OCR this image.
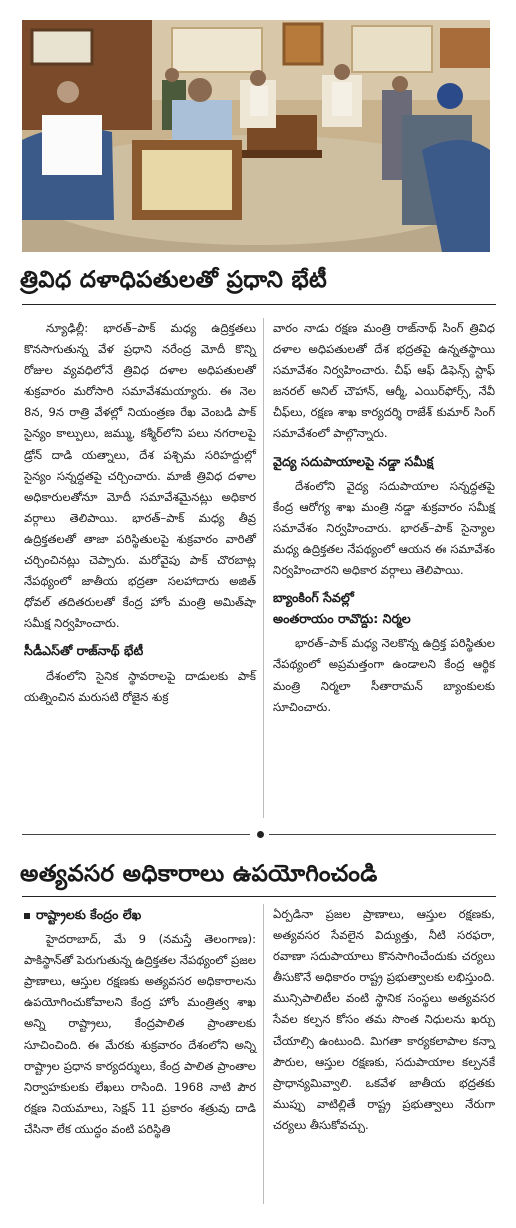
త్రివిధ దళాధిపతులతో ప్రధాని భేటీ

న్యూఢిల్లీ: భారత్–పాక్ మధ్య ఉద్రిక్తతలు కొనసాగుతున్న వేళ ప్రధాని నరేంద్ర మోదీ కొన్ని రోజుల వ్యవధిలోనే త్రివిధ దళాల అధిపతులతో శుక్రవారం మరోసారి సమావేశమయ్యారు. ఈ నెల 8న, 9న రాత్రి వేళల్లో నియంత్రణ రేఖ వెంబడి పాక్ సైన్యం కాల్పులు, జమ్ము, కశ్మీర్‌లోని పలు నగరాలపై డ్రోన్ దాడి యత్నాలు, దేశ పశ్చిమ సరిహద్దుల్లో సైన్యం సన్నద్ధతపై చర్చించారు. మాజీ త్రివిధ దళాల అధికారులతోనూ మోదీ సమావేశమైనట్లు అధికార వర్గాలు తెలిపాయి. భారత్–పాక్ మధ్య తీవ్ర ఉద్రిక్తతలతో తాజా పరిస్థితులపై శుక్రవారం వారితో చర్చించినట్లు చెప్పారు. మరోవైపు పాక్ చొరబాట్ల నేపథ్యంలో జాతీయ భద్రతా సలహాదారు అజిత్ ధోవల్ తదితరులతో కేంద్ర హోం మంత్రి అమిత్‌షా సమీక్ష నిర్వహించారు.

సీడీఎస్‌తో రాజ్‌నాథ్ భేటీ

దేశంలోని సైనిక స్థావరాలపై దాడులకు పాక్ యత్నించిన మరుసటి రోజైన శుక్ర

వారం నాడు రక్షణ మంత్రి రాజ్‌నాథ్ సింగ్ త్రివిధ దళాల అధిపతులతో దేశ భద్రతపై ఉన్నతస్థాయి సమావేశం నిర్వహించారు. చీఫ్ ఆఫ్ డిఫెన్స్ స్టాఫ్ జనరల్ అనిల్ చౌహాన్, ఆర్మీ, ఎయిర్‌ఫోర్స్, నేవీ చీఫ్‌లు, రక్షణ శాఖ కార్యదర్శి రాజేశ్ కుమార్ సింగ్ సమావేశంలో పాల్గొన్నారు.

వైద్య సదుపాయాలపై నడ్డా సమీక్ష

దేశంలోని వైద్య సదుపాయాల సన్నద్ధతపై కేంద్ర ఆరోగ్య శాఖ మంత్రి నడ్డా శుక్రవారం సమీక్ష సమావేశం నిర్వహించారు. భారత్–పాక్ సైన్యాల మధ్య ఉద్రిక్తతల నేపథ్యంలో ఆయన ఈ సమావేశం నిర్వహించారని అధికార వర్గాలు తెలిపాయి.

బ్యాంకింగ్ సేవల్లో

అంతరాయం రావొద్దు: నిర్మల

భారత్–పాక్ మధ్య నెలకొన్న ఉద్రిక్త పరిస్థితుల నేపథ్యంలో అప్రమత్తంగా ఉండాలని కేంద్ర ఆర్థిక మంత్రి నిర్మలా సీతారామన్ బ్యాంకులకు సూచించారు.

అత్యవసర అధికారాలు ఉపయోగించండి

రాష్ట్రాలకు కేంద్రం లేఖ

హైదరాబాద్, మే 9 (నమస్తే తెలంగాణ): పాకిస్థాన్‌తో పెరుగుతున్న ఉద్రిక్తతల నేపథ్యంలో ప్రజల ప్రాణాలు, ఆస్తుల రక్షణకు అత్యవసర అధికారాలను ఉపయోగించుకోవాలని కేంద్ర హోం మంత్రిత్వ శాఖ అన్ని రాష్ట్రాలు, కేంద్రపాలిత ప్రాంతాలకు సూచించింది. ఈ మేరకు శుక్రవారం దేశంలోని అన్ని రాష్ట్రాల ప్రధాన కార్యదర్శులు, కేంద్ర పాలిత ప్రాంతాల నిర్వాహకులకు లేఖలు రాసింది. 1968 నాటి పౌర రక్షణ నియమాలు, సెక్షన్ 11 ప్రకారం శత్రువు దాడి చేసినా లేక యుద్ధం వంటి పరిస్థితి

ఏర్పడినా ప్రజల ప్రాణాలు, ఆస్తుల రక్షణకు, అత్యవసర సేవలైన విద్యుత్తు, నీటి సరఫరా, రవాణా సదుపాయాలు కొనసాగించేందుకు చర్యలు తీసుకొనే అధికారం రాష్ట్ర ప్రభుత్వాలకు లభిస్తుంది. మున్సిపాలిటీల వంటి స్థానిక సంస్థలు అత్యవసర సేవల కల్పన కోసం తమ సొంత నిధులను ఖర్చు చేయాల్సి ఉంటుంది. మిగతా కార్యకలాపాల కన్నా పౌరుల, ఆస్తుల రక్షణకు, సదుపాయాల కల్పనకే ప్రాధాన్యమివ్వాలి. ఒకవేళ జాతీయ భద్రతకు ముప్పు వాటిల్లితే రాష్ట్ర ప్రభుత్వాలు నేరుగా చర్యలు తీసుకోవచ్చు.
